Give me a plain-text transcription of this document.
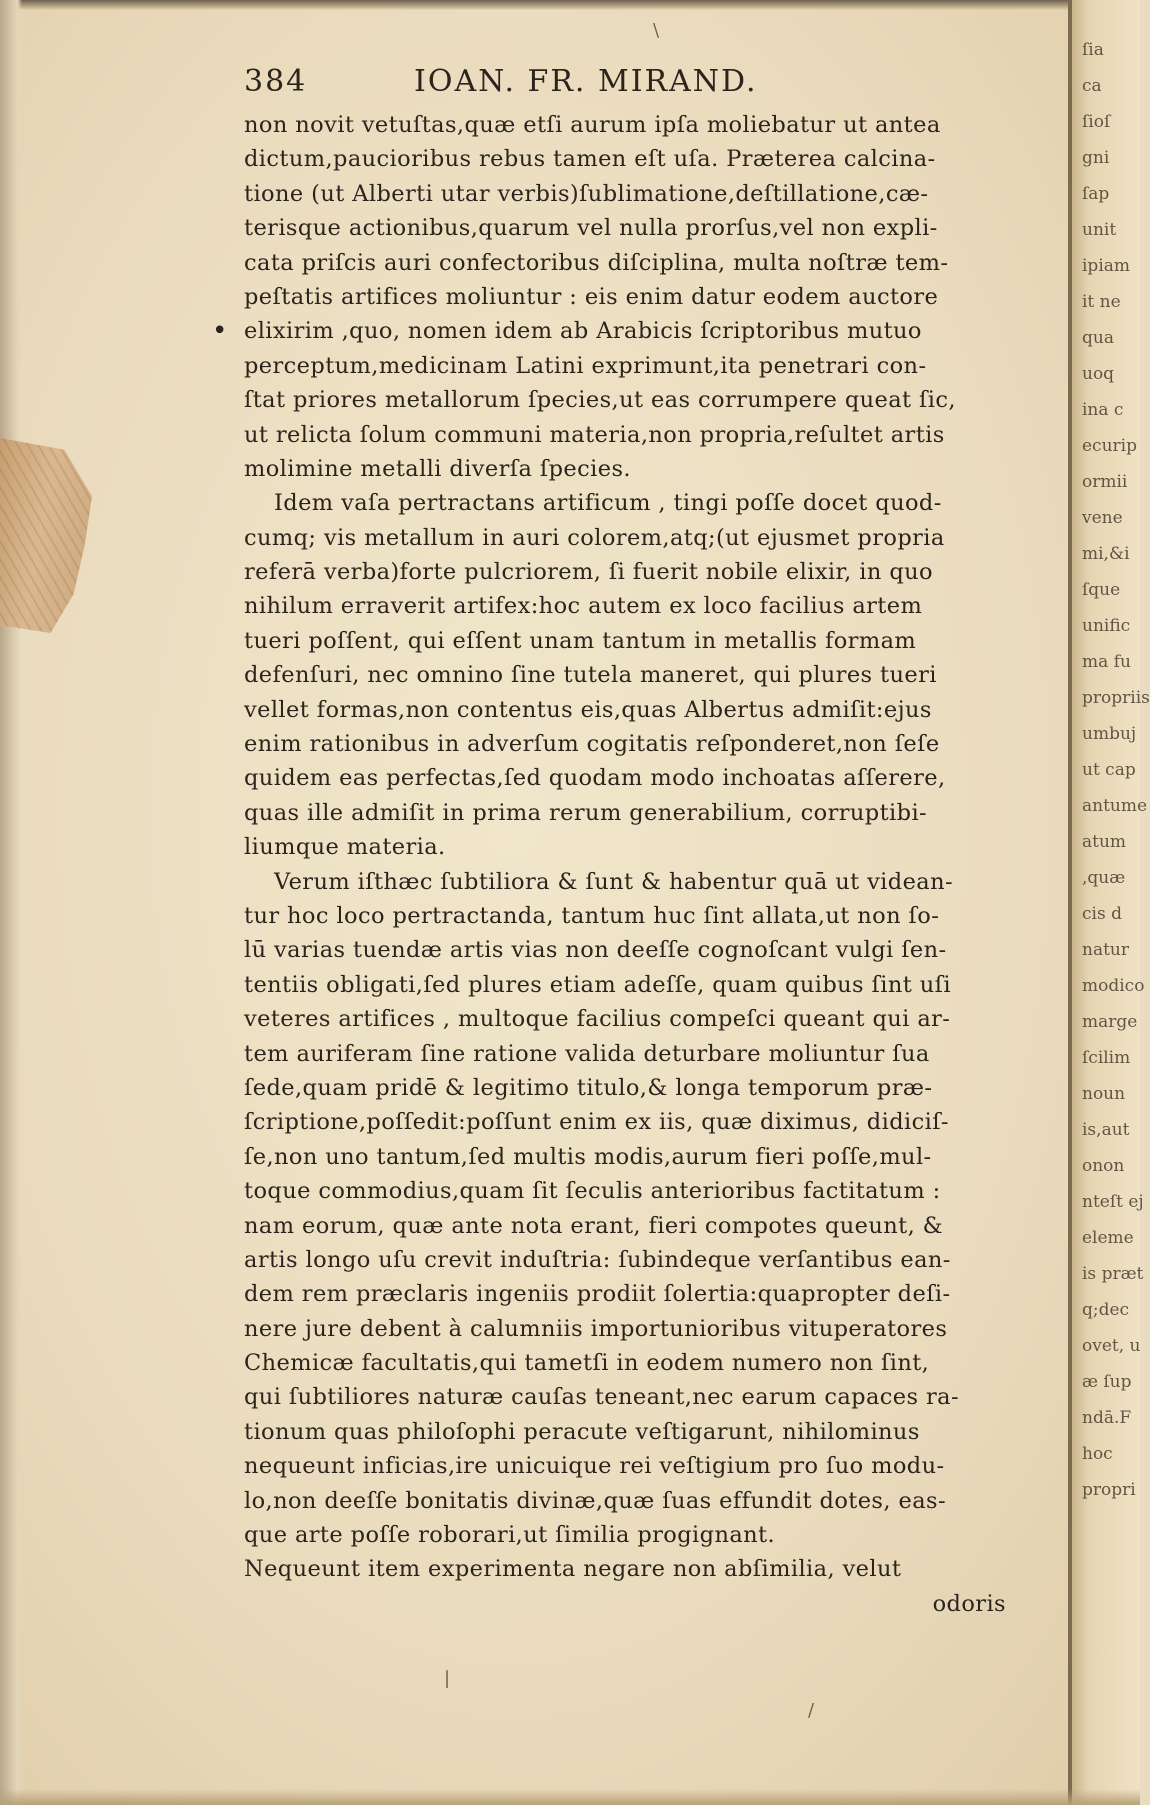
384	IOAN. FR. MIRAND.
•
non novit vetuſtas,quæ etſi aurum ipſa moliebatur ut antea
dictum,paucioribus rebus tamen eſt uſa. Præterea calcina-
tione (ut Alberti utar verbis)ſublimatione,deſtillatione,cæ-
terisque actionibus,quarum vel nulla prorſus,vel non expli-
cata priſcis auri confectoribus diſciplina, multa noſtræ tem-
peſtatis artifices moliuntur : eis enim datur eodem auctore
elixirim ,quo, nomen idem ab Arabicis ſcriptoribus mutuo
perceptum,medicinam Latini exprimunt,ita penetrari con-
ſtat priores metallorum ſpecies,ut eas corrumpere queat ſic,
ut relicta ſolum communi materia,non propria,reſultet artis
molimine metalli diverſa ſpecies.
Idem vaſa pertractans artificum , tingi poſſe docet quod-
cumq; vis metallum in auri colorem,atq;(ut ejusmet propria
referā verba)forte pulcriorem, ſi fuerit nobile elixir, in quo
nihilum erraverit artifex:hoc autem ex loco facilius artem
tueri poſſent, qui eſſent unam tantum in metallis formam
defenſuri, nec omnino ſine tutela maneret, qui plures tueri
vellet formas,non contentus eis,quas Albertus admiſit:ejus
enim rationibus in adverſum cogitatis reſponderet,non ſeſe
quidem eas perfectas,ſed quodam modo inchoatas aſſerere,
quas ille admiſit in prima rerum generabilium, corruptibi-
liumque materia.
Verum iſthæc ſubtiliora & ſunt & habentur quā ut videan-
tur hoc loco pertractanda, tantum huc ſint allata,ut non ſo-
lū varias tuendæ artis vias non deeſſe cognoſcant vulgi ſen-
tentiis obligati,ſed plures etiam adeſſe, quam quibus ſint uſi
veteres artifices , multoque facilius compeſci queant qui ar-
tem auriferam ſine ratione valida deturbare moliuntur ſua
ſede,quam pridē & legitimo titulo,& longa temporum præ-
ſcriptione,poſſedit:poſſunt enim ex iis, quæ diximus, didiciſ-
ſe,non uno tantum,ſed multis modis,aurum fieri poſſe,mul-
toque commodius,quam ſit ſeculis anterioribus factitatum :
nam eorum, quæ ante nota erant, fieri compotes queunt, &
artis longo uſu crevit induſtria: ſubindeque verſantibus ean-
dem rem præclaris ingeniis prodiit ſolertia:quapropter deſi-
nere jure debent à calumniis importunioribus vituperatores
Chemicæ facultatis,qui tametſi in eodem numero non ſint,
qui ſubtiliores naturæ cauſas teneant,nec earum capaces ra-
tionum quas philoſophi peracute veſtigarunt, nihilominus
nequeunt inficias,ire unicuique rei veſtigium pro ſuo modu-
lo,non deeſſe bonitatis divinæ,quæ ſuas effundit dotes, eas-
que arte poſſe roborari,ut ſimilia progignant.
Nequeunt item experimenta negare non abſimilia, velut
odoris
ſia
ca
ſioſ
gni
ſap
unit
ipiam
it ne
qua
uoq
ina c
ecurip
ormii
vene
mi,&i
ſque
unific
ma fu
propriis
umbuj
ut cap
antume
atum
,quæ
cis d
natur
modico
marge
ſcilim
noun
is,aut
onon
nteſt ej
eleme
is præt
q;dec
ovet, u
æ ſup
ndā.F
hoc
propri
\
|
/
